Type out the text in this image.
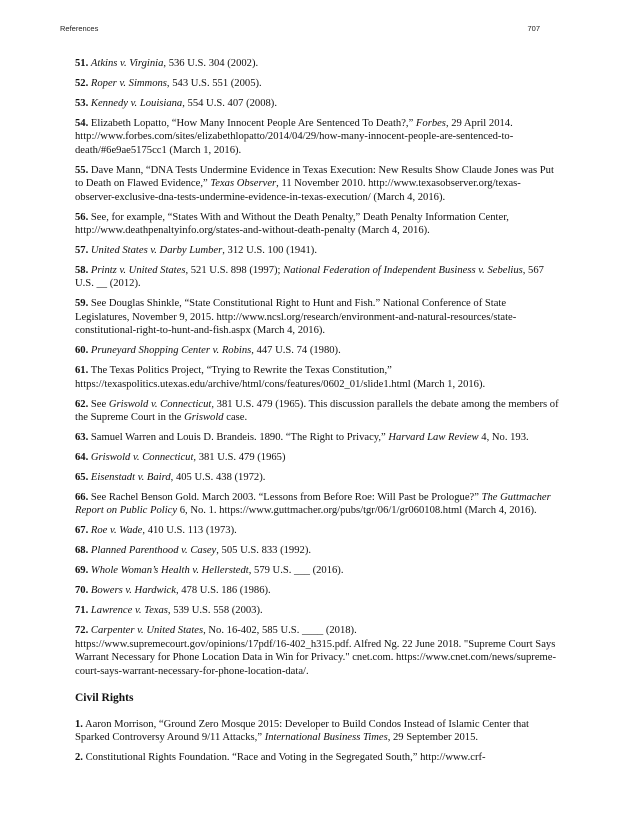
References	707

51. Atkins v. Virginia, 536 U.S. 304 (2002).

52. Roper v. Simmons, 543 U.S. 551 (2005).

53. Kennedy v. Louisiana, 554 U.S. 407 (2008).

54. Elizabeth Lopatto, “How Many Innocent People Are Sentenced To Death?,” Forbes, 29 April 2014. http://www.forbes.com/sites/elizabethlopatto/2014/04/29/how-many-innocent-people-are-sentenced-to-death/#6e9ae5175cc1 (March 1, 2016).

55. Dave Mann, “DNA Tests Undermine Evidence in Texas Execution: New Results Show Claude Jones was Put to Death on Flawed Evidence,” Texas Observer, 11 November 2010. http://www.texasobserver.org/texas-observer-exclusive-dna-tests-undermine-evidence-in-texas-execution/ (March 4, 2016).

56. See, for example, “States With and Without the Death Penalty,” Death Penalty Information Center, http://www.deathpenaltyinfo.org/states-and-without-death-penalty (March 4, 2016).

57. United States v. Darby Lumber, 312 U.S. 100 (1941).

58. Printz v. United States, 521 U.S. 898 (1997); National Federation of Independent Business v. Sebelius, 567 U.S. __ (2012).

59. See Douglas Shinkle, “State Constitutional Right to Hunt and Fish.” National Conference of State Legislatures, November 9, 2015. http://www.ncsl.org/research/environment-and-natural-resources/state-constitutional-right-to-hunt-and-fish.aspx (March 4, 2016).

60. Pruneyard Shopping Center v. Robins, 447 U.S. 74 (1980).

61. The Texas Politics Project, “Trying to Rewrite the Texas Constitution,” https://texaspolitics.utexas.edu/archive/html/cons/features/0602_01/slide1.html (March 1, 2016).

62. See Griswold v. Connecticut, 381 U.S. 479 (1965). This discussion parallels the debate among the members of the Supreme Court in the Griswold case.

63. Samuel Warren and Louis D. Brandeis. 1890. “The Right to Privacy,” Harvard Law Review 4, No. 193.

64. Griswold v. Connecticut, 381 U.S. 479 (1965)

65. Eisenstadt v. Baird, 405 U.S. 438 (1972).

66. See Rachel Benson Gold. March 2003. “Lessons from Before Roe: Will Past be Prologue?” The Guttmacher Report on Public Policy 6, No. 1. https://www.guttmacher.org/pubs/tgr/06/1/gr060108.html (March 4, 2016).

67. Roe v. Wade, 410 U.S. 113 (1973).

68. Planned Parenthood v. Casey, 505 U.S. 833 (1992).

69. Whole Woman’s Health v. Hellerstedt, 579 U.S. ___ (2016).

70. Bowers v. Hardwick, 478 U.S. 186 (1986).

71. Lawrence v. Texas, 539 U.S. 558 (2003).

72. Carpenter v. United States, No. 16-402, 585 U.S. ____ (2018). https://www.supremecourt.gov/opinions/17pdf/16-402_h315.pdf. Alfred Ng. 22 June 2018. "Supreme Court Says Warrant Necessary for Phone Location Data in Win for Privacy." cnet.com. https://www.cnet.com/news/supreme-court-says-warrant-necessary-for-phone-location-data/.

Civil Rights

1. Aaron Morrison, “Ground Zero Mosque 2015: Developer to Build Condos Instead of Islamic Center that Sparked Controversy Around 9/11 Attacks,” International Business Times, 29 September 2015.

2. Constitutional Rights Foundation. “Race and Voting in the Segregated South,” http://www.crf-
